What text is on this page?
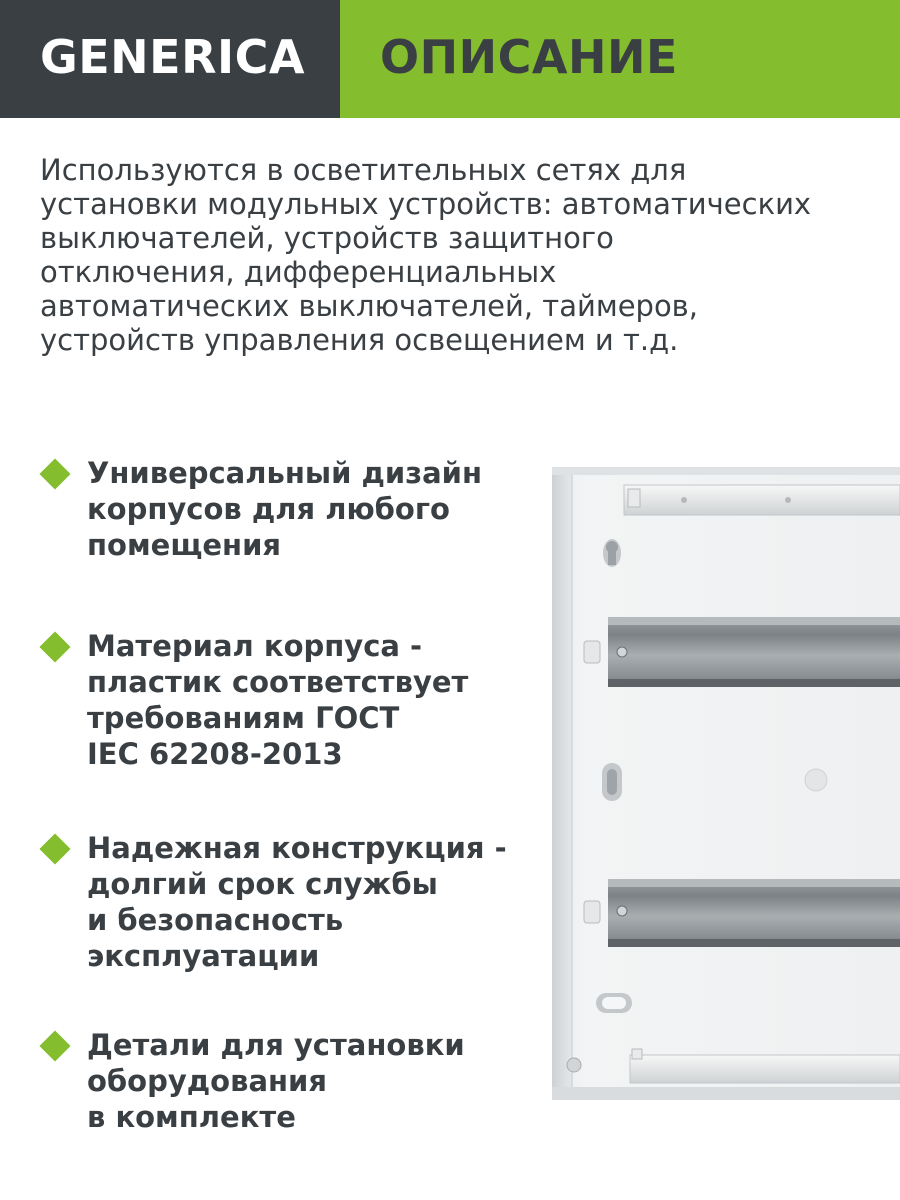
GENERICA ОПИСАНИЕ
Используются в осветительных сетях для
установки модульных устройств: автоматических
выключателей, устройств защитного
отключения, дифференциальных
автоматических выключателей, таймеров,
устройств управления освещением и т.д.
Универсальный дизайн
корпусов для любого
помещения
Материал корпуса -
пластик соответствует
требованиям ГОСТ
IEC 62208-2013
Надежная конструкция -
долгий срок службы
и безопасность
эксплуатации
Детали для установки
оборудования
в комплекте
